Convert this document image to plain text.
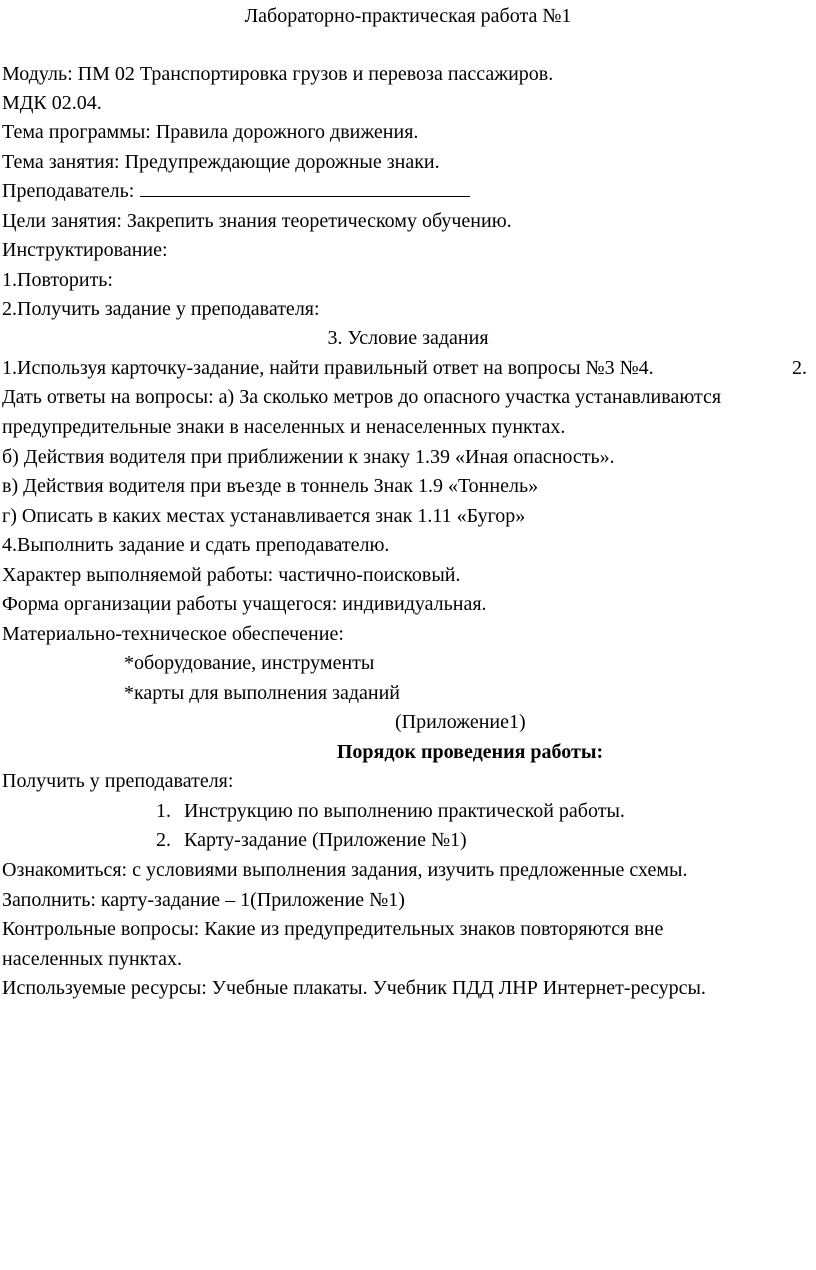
Лабораторно-практическая работа №1
Модуль: ПМ 02 Транспортировка грузов и перевоза пассажиров.
МДК 02.04.
Тема программы: Правила дорожного движения.
Тема занятия: Предупреждающие дорожные знаки.
Преподаватель:
Цели занятия: Закрепить знания теоретическому обучению.
Инструктирование:
1.Повторить:
2.Получить задание у преподавателя:
3. Условие задания
1.Используя карточку-задание, найти правильный ответ на вопросы №3 №4.	2.
Дать ответы на вопросы: а) За сколько метров до опасного участка устанавливаются
предупредительные знаки в населенных и ненаселенных пунктах.
б) Действия водителя при приближении к знаку 1.39 «Иная опасность».
в) Действия водителя при въезде в тоннель Знак 1.9 «Тоннель»
г) Описать в каких местах устанавливается знак 1.11 «Бугор»
4.Выполнить задание и сдать преподавателю.
Характер выполняемой работы: частично-поисковый.
Форма организации работы учащегося: индивидуальная.
Материально-техническое обеспечение:
*оборудование, инструменты
*карты для выполнения заданий
(Приложение1)
Порядок проведения работы:
Получить у преподавателя:
1. Инструкцию по выполнению практической работы.
2. Карту-задание (Приложение №1)
Ознакомиться: с условиями выполнения задания, изучить предложенные схемы.
Заполнить: карту-задание – 1(Приложение №1)
Контрольные вопросы: Какие из предупредительных знаков повторяются вне
населенных пунктах.
Используемые ресурсы: Учебные плакаты. Учебник ПДД ЛНР Интернет-ресурсы.
